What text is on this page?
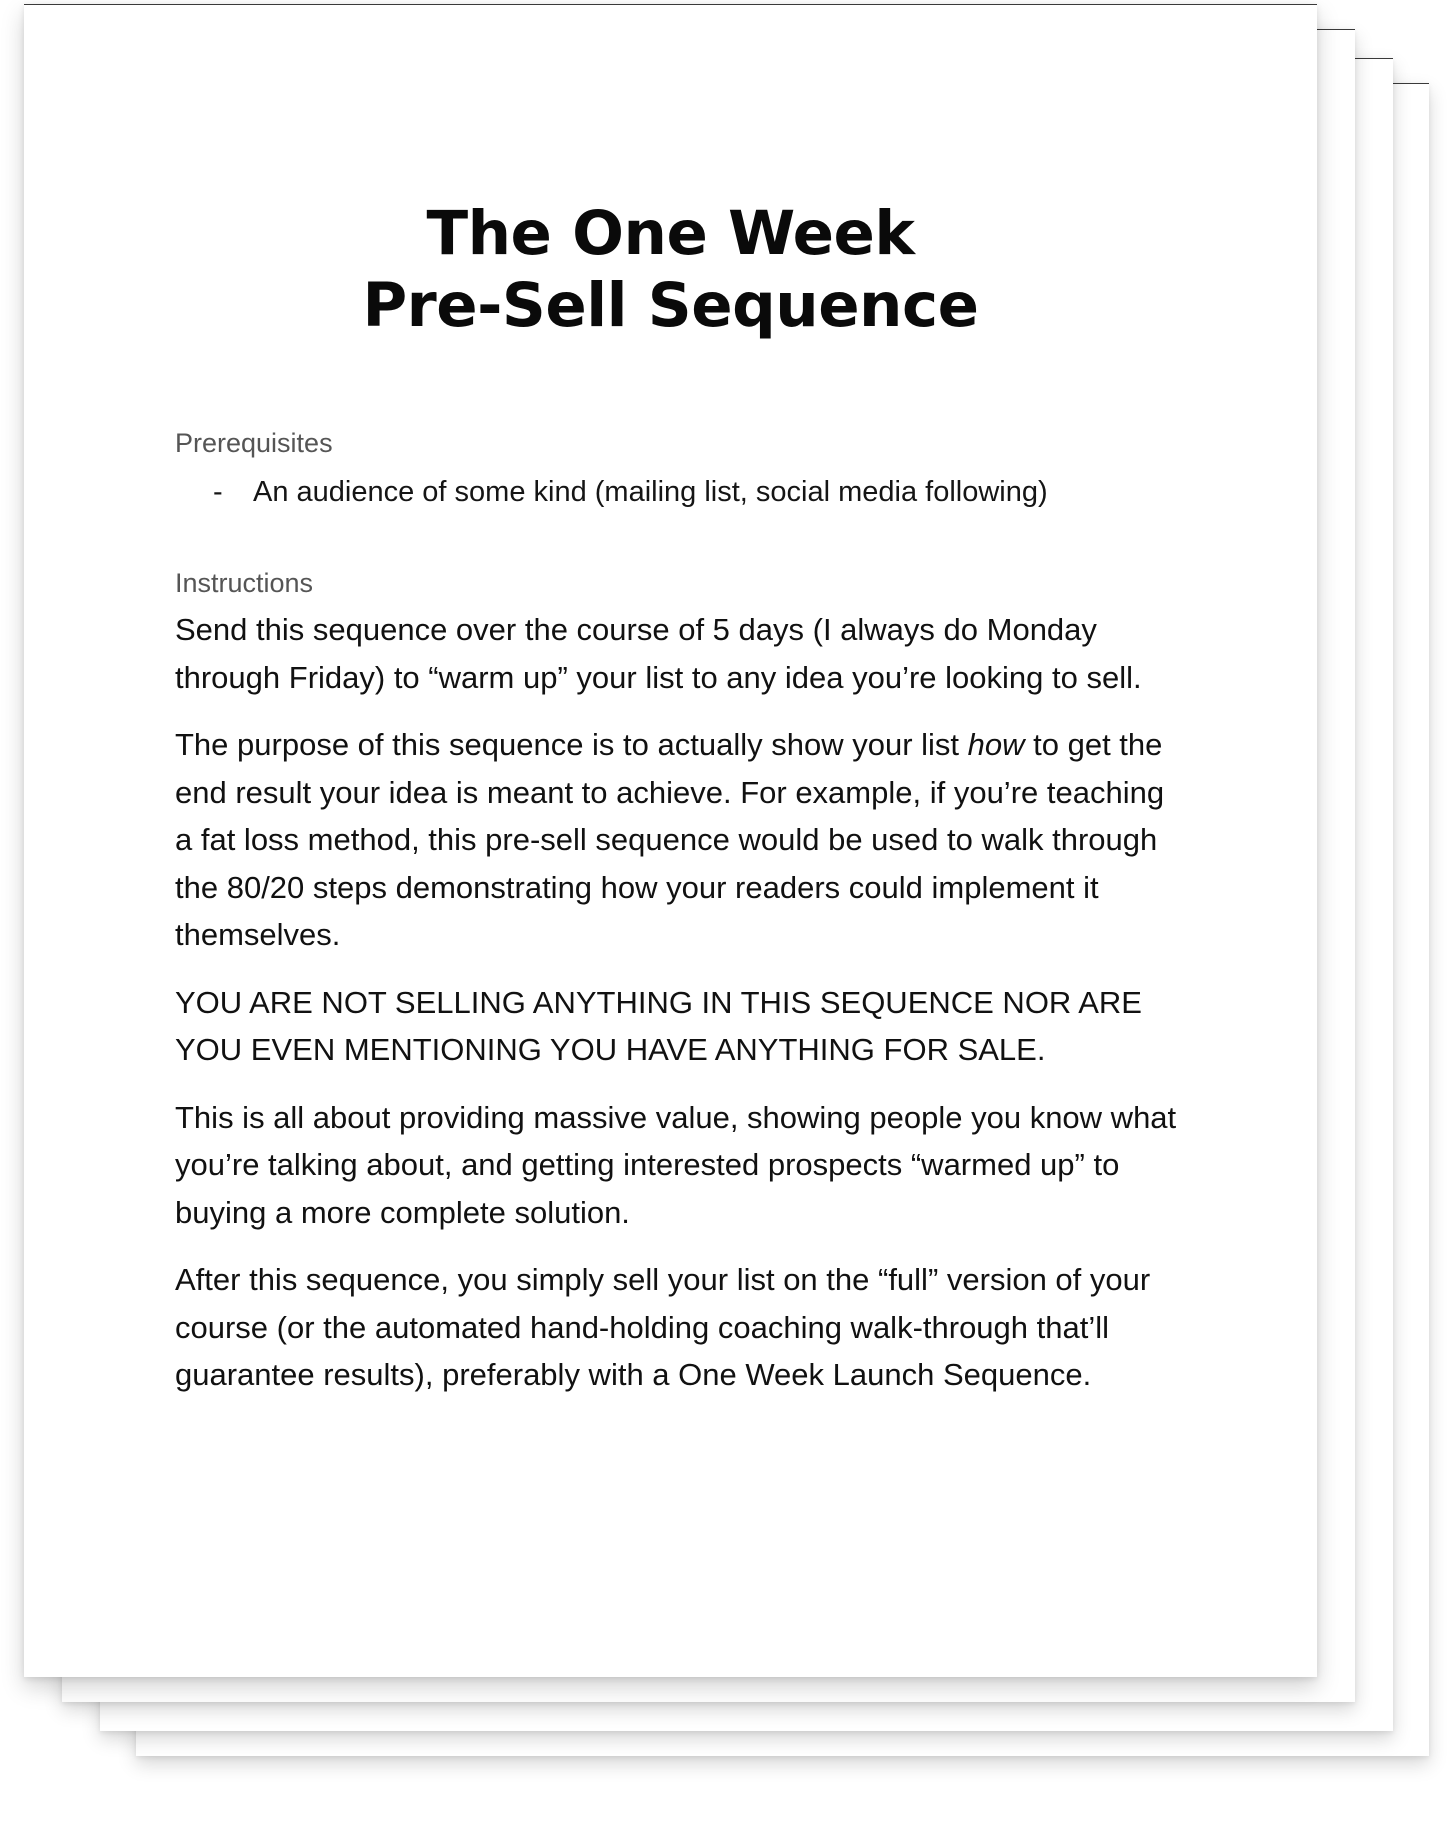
The One Week
Pre-Sell Sequence

Prerequisites

-	An audience of some kind (mailing list, social media following)

Instructions

Send this sequence over the course of 5 days (I always do Monday through Friday) to “warm up” your list to any idea you’re looking to sell.

The purpose of this sequence is to actually show your list how to get the end result your idea is meant to achieve. For example, if you’re teaching a fat loss method, this pre-sell sequence would be used to walk through the 80/20 steps demonstrating how your readers could implement it themselves.

YOU ARE NOT SELLING ANYTHING IN THIS SEQUENCE NOR ARE YOU EVEN MENTIONING YOU HAVE ANYTHING FOR SALE.

This is all about providing massive value, showing people you know what you’re talking about, and getting interested prospects “warmed up” to buying a more complete solution.

After this sequence, you simply sell your list on the “full” version of your course (or the automated hand-holding coaching walk-through that’ll guarantee results), preferably with a One Week Launch Sequence.
